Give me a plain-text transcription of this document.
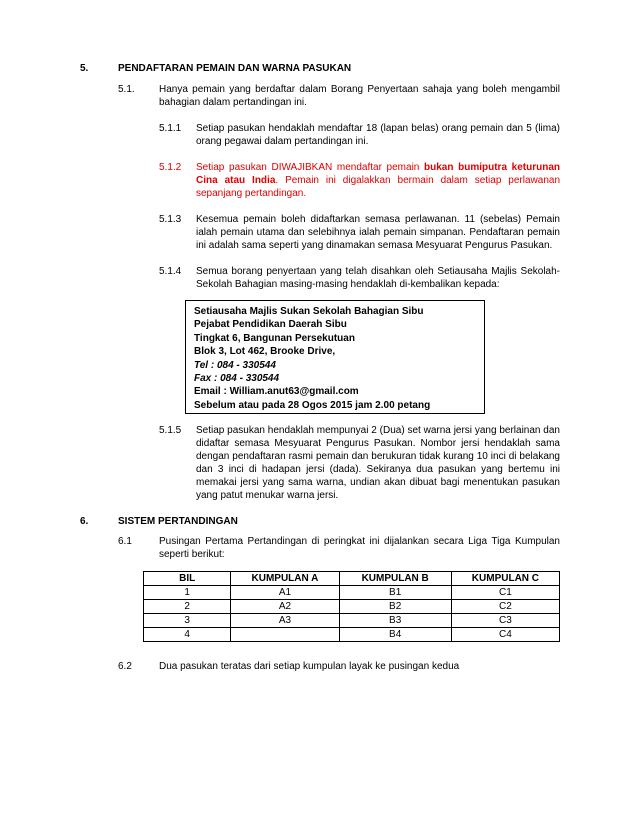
5.	PENDAFTARAN PEMAIN DAN WARNA PASUKAN
5.1. Hanya pemain yang berdaftar dalam Borang Penyertaan sahaja yang boleh mengambil bahagian dalam pertandingan ini.
5.1.1 Setiap pasukan hendaklah mendaftar 18 (lapan belas) orang pemain dan 5 (lima) orang pegawai dalam pertandingan ini.
5.1.2 Setiap pasukan DIWAJIBKAN mendaftar pemain bukan bumiputra keturunan Cina atau India. Pemain ini digalakkan bermain dalam setiap perlawanan sepanjang pertandingan.
5.1.3 Kesemua pemain boleh didaftarkan semasa perlawanan. 11 (sebelas) Pemain ialah pemain utama dan selebihnya ialah pemain simpanan. Pendaftaran pemain ini adalah sama seperti yang dinamakan semasa Mesyuarat Pengurus Pasukan.
5.1.4 Semua borang penyertaan yang telah disahkan oleh Setiausaha Majlis Sekolah-Sekolah Bahagian masing-masing hendaklah di-kembalikan kepada:
Setiausaha Majlis Sukan Sekolah Bahagian Sibu
Pejabat Pendidikan Daerah Sibu
Tingkat 6, Bangunan Persekutuan
Blok 3, Lot 462, Brooke Drive,
Tel : 084 - 330544
Fax : 084 - 330544
Email : William.anut63@gmail.com
Sebelum atau pada 28 Ogos 2015 jam 2.00 petang
5.1.5 Setiap pasukan hendaklah mempunyai 2 (Dua) set warna jersi yang berlainan dan didaftar semasa Mesyuarat Pengurus Pasukan. Nombor jersi hendaklah sama dengan pendaftaran rasmi pemain dan berukuran tidak kurang 10 inci di belakang dan 3 inci di hadapan jersi (dada). Sekiranya dua pasukan yang bertemu ini memakai jersi yang sama warna, undian akan dibuat bagi menentukan pasukan yang patut menukar warna jersi.
6.	SISTEM PERTANDINGAN
6.1	Pusingan Pertama Pertandingan di peringkat ini dijalankan secara Liga Tiga Kumpulan seperti berikut:
BIL	KUMPULAN A	KUMPULAN B	KUMPULAN C
1	A1	B1	C1
2	A2	B2	C2
3	A3	B3	C3
4		B4	C4
6.2	Dua pasukan teratas dari setiap kumpulan layak ke pusingan kedua
